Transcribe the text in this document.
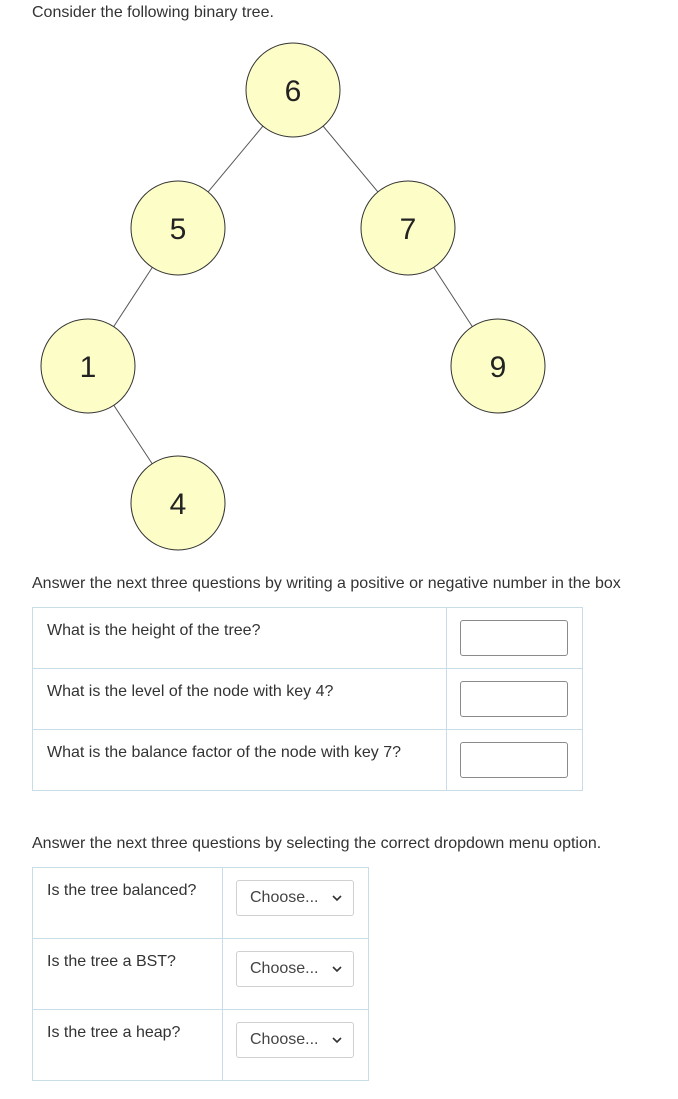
Consider the following binary tree.
6
5	7
1	9
4
Answer the next three questions by writing a positive or negative number in the box
What is the height of the tree?	
What is the level of the node with key 4?	
What is the balance factor of the node with key 7?	
Answer the next three questions by selecting the correct dropdown menu option.
Is the tree balanced?	Choose...

Is the tree a BST?	Choose...

Is the tree a heap?	Choose...
